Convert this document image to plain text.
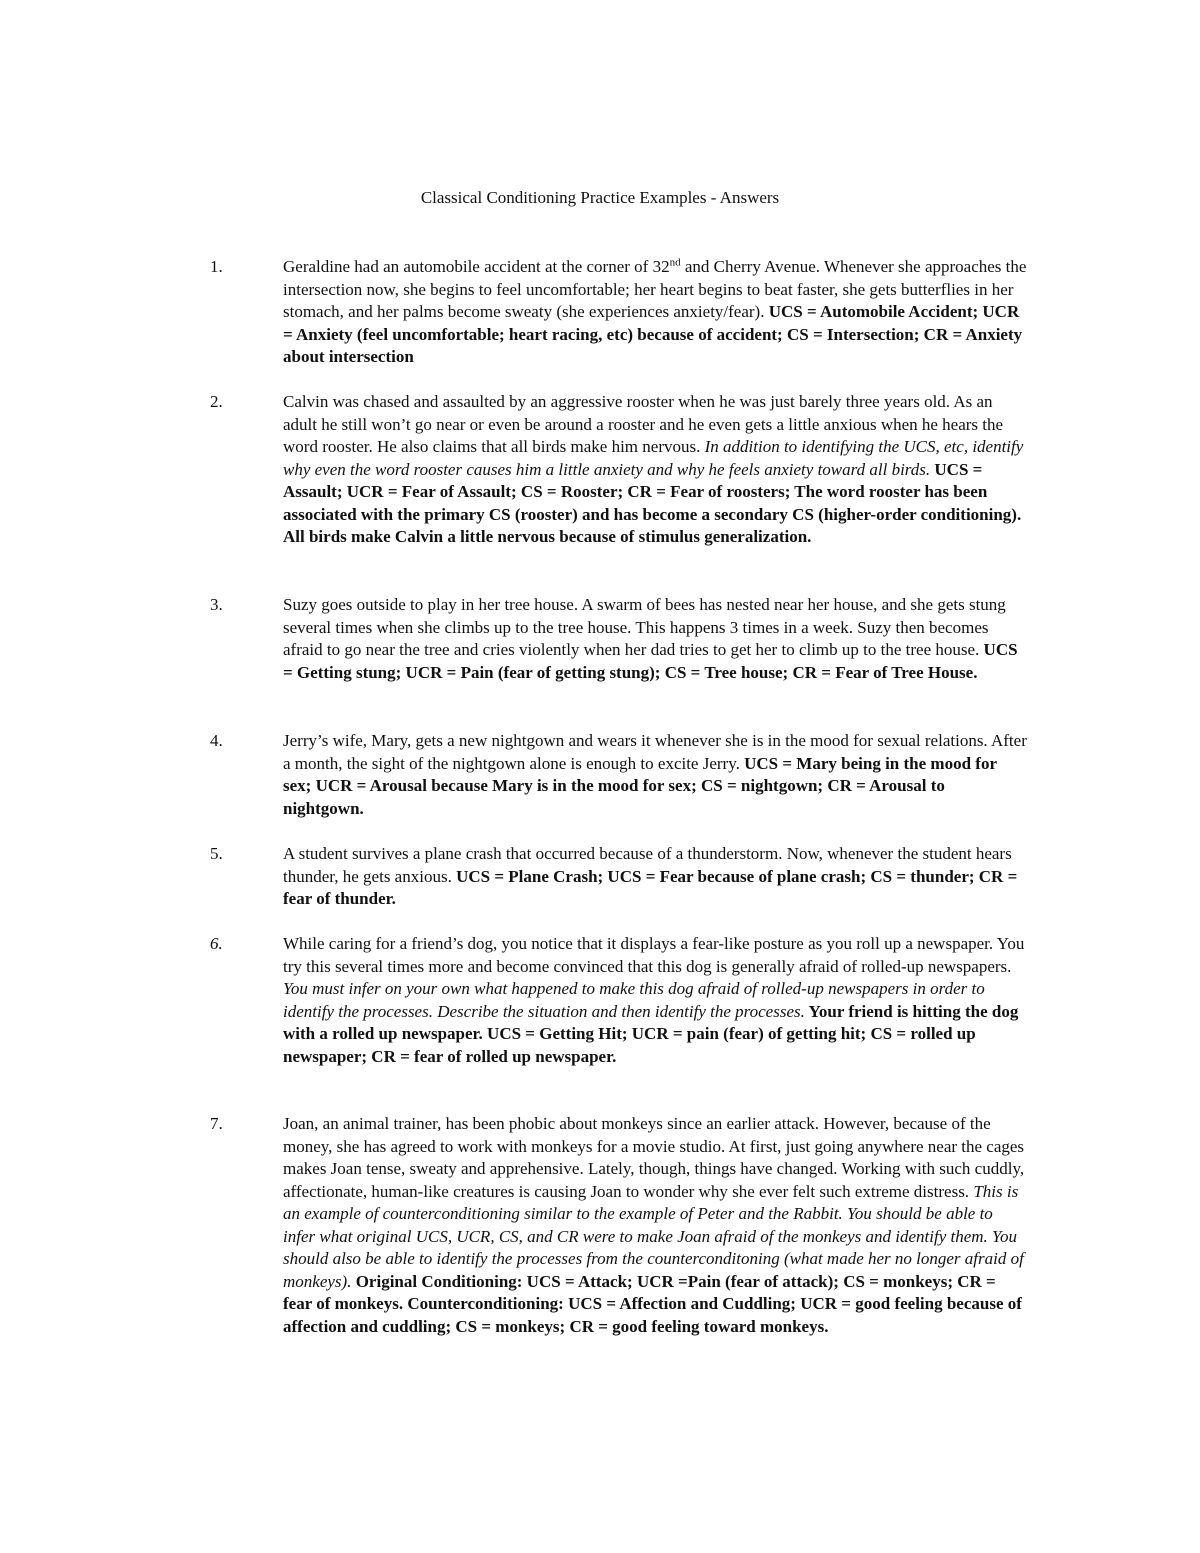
Classical Conditioning Practice Examples - Answers
1.	Geraldine had an automobile accident at the corner of 32nd and Cherry Avenue. Whenever she approaches the intersection now, she begins to feel uncomfortable; her heart begins to beat faster, she gets butterflies in her stomach, and her palms become sweaty (she experiences anxiety/fear). UCS = Automobile Accident; UCR = Anxiety (feel uncomfortable; heart racing, etc) because of accident; CS = Intersection; CR = Anxiety about intersection
2.	Calvin was chased and assaulted by an aggressive rooster when he was just barely three years old. As an adult he still won’t go near or even be around a rooster and he even gets a little anxious when he hears the word rooster. He also claims that all birds make him nervous. In addition to identifying the UCS, etc, identify why even the word rooster causes him a little anxiety and why he feels anxiety toward all birds. UCS = Assault; UCR = Fear of Assault; CS = Rooster; CR = Fear of roosters; The word rooster has been associated with the primary CS (rooster) and has become a secondary CS (higher-order conditioning). All birds make Calvin a little nervous because of stimulus generalization.
3.	Suzy goes outside to play in her tree house. A swarm of bees has nested near her house, and she gets stung several times when she climbs up to the tree house. This happens 3 times in a week. Suzy then becomes afraid to go near the tree and cries violently when her dad tries to get her to climb up to the tree house. UCS = Getting stung; UCR = Pain (fear of getting stung); CS = Tree house; CR = Fear of Tree House.
4.	Jerry’s wife, Mary, gets a new nightgown and wears it whenever she is in the mood for sexual relations. After a month, the sight of the nightgown alone is enough to excite Jerry. UCS = Mary being in the mood for sex; UCR = Arousal because Mary is in the mood for sex; CS = nightgown; CR = Arousal to nightgown.
5.	A student survives a plane crash that occurred because of a thunderstorm. Now, whenever the student hears thunder, he gets anxious. UCS = Plane Crash; UCS = Fear because of plane crash; CS = thunder; CR = fear of thunder.
6.	While caring for a friend’s dog, you notice that it displays a fear-like posture as you roll up a newspaper. You try this several times more and become convinced that this dog is generally afraid of rolled-up newspapers. You must infer on your own what happened to make this dog afraid of rolled-up newspapers in order to identify the processes. Describe the situation and then identify the processes. Your friend is hitting the dog with a rolled up newspaper. UCS = Getting Hit; UCR = pain (fear) of getting hit; CS = rolled up newspaper; CR = fear of rolled up newspaper.
7.	Joan, an animal trainer, has been phobic about monkeys since an earlier attack. However, because of the money, she has agreed to work with monkeys for a movie studio. At first, just going anywhere near the cages makes Joan tense, sweaty and apprehensive. Lately, though, things have changed. Working with such cuddly, affectionate, human-like creatures is causing Joan to wonder why she ever felt such extreme distress. This is an example of counterconditioning similar to the example of Peter and the Rabbit. You should be able to infer what original UCS, UCR, CS, and CR were to make Joan afraid of the monkeys and identify them. You should also be able to identify the processes from the counterconditoning (what made her no longer afraid of monkeys). Original Conditioning: UCS = Attack; UCR =Pain (fear of attack); CS = monkeys; CR = fear of monkeys. Counterconditioning: UCS = Affection and Cuddling; UCR = good feeling because of affection and cuddling; CS = monkeys; CR = good feeling toward monkeys.
